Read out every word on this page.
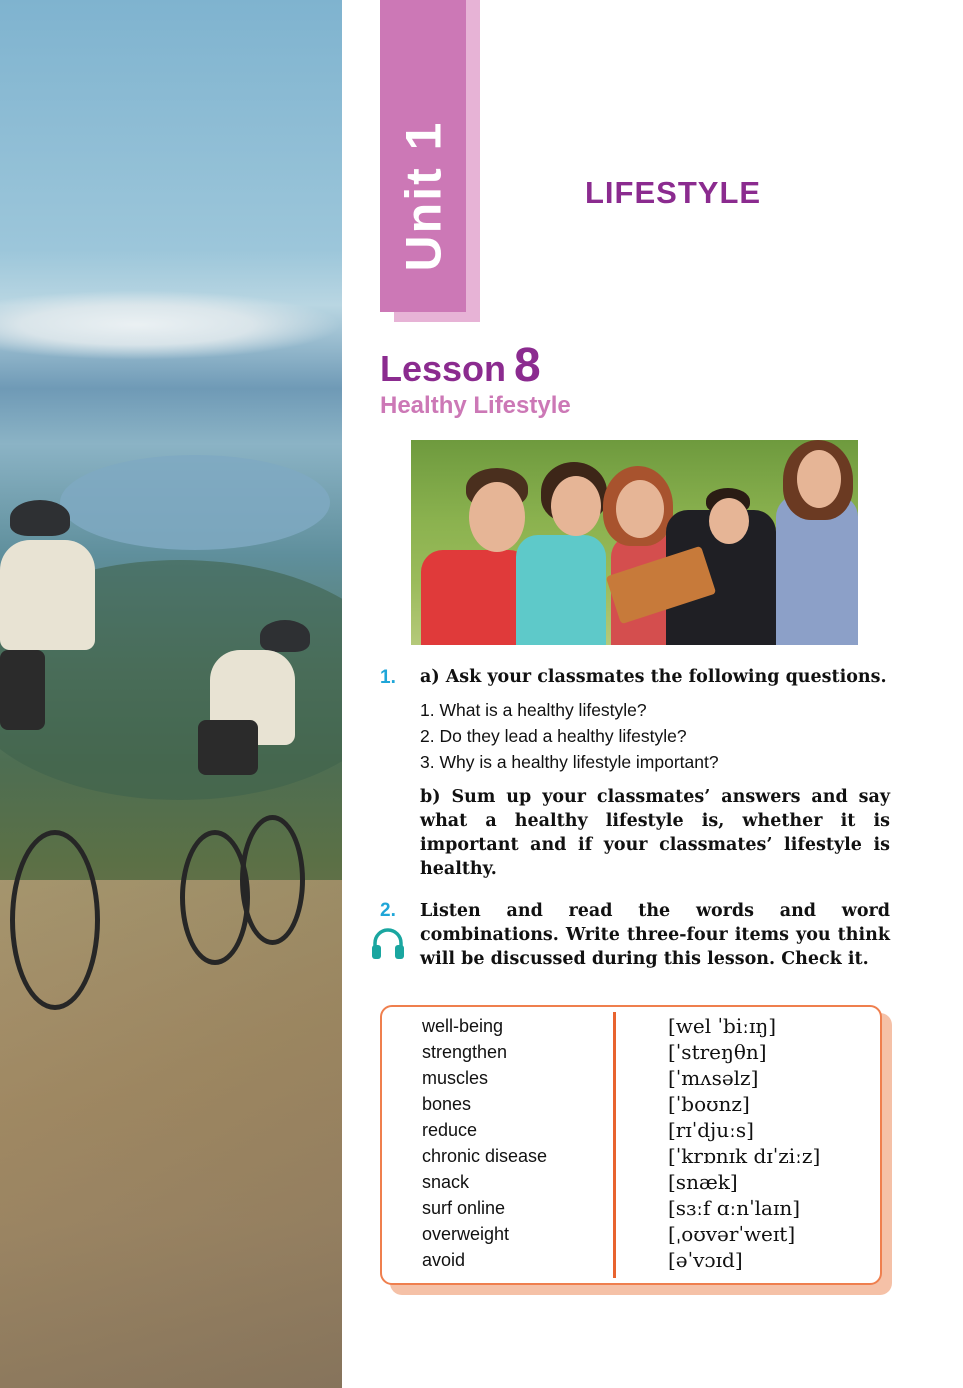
Unit 1	LIFESTYLE
Lesson 8
Healthy Lifestyle
1. a) Ask your classmates the following questions.
1. What is a healthy lifestyle?
2. Do they lead a healthy lifestyle?
3. Why is a healthy lifestyle important?
b) Sum up your classmates’ answers and say what a healthy lifestyle is, whether it is important and if your classmates’ lifestyle is healthy.
2. Listen and read the words and word combinations. Write three-four items you think will be discussed during this lesson. Check it.
well-being
strengthen
muscles
bones
reduce
chronic disease
snack
surf online
overweight
avoid
[wel ˈbiːɪŋ]
[ˈstreŋθn]
[ˈmʌsəlz]
[ˈboʊnz]
[rɪˈdjuːs]
[ˈkrɒnɪk dɪˈziːz]
[snæk]
[sɜːf ɑːnˈlaɪn]
[ˌoʊvərˈweɪt]
[əˈvɔɪd]
